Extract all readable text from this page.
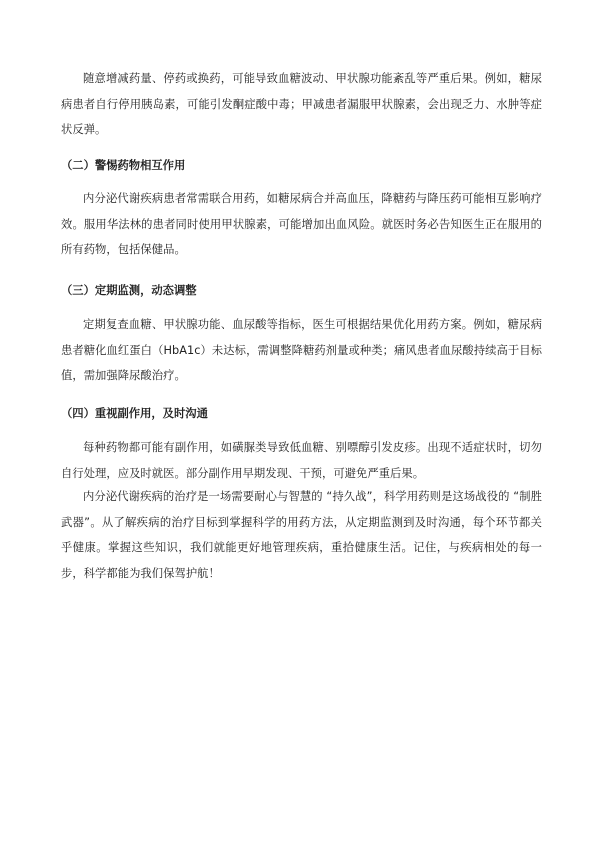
随意增减药量、停药或换药，可能导致血糖波动、甲状腺功能紊乱等严重后果。例如，糖尿病患者自行停用胰岛素，可能引发酮症酸中毒；甲减患者漏服甲状腺素，会出现乏力、水肿等症状反弹。

（二）警惕药物相互作用

内分泌代谢疾病患者常需联合用药，如糖尿病合并高血压，降糖药与降压药可能相互影响疗效。服用华法林的患者同时使用甲状腺素，可能增加出血风险。就医时务必告知医生正在服用的所有药物，包括保健品。

（三）定期监测，动态调整

定期复查血糖、甲状腺功能、血尿酸等指标，医生可根据结果优化用药方案。例如，糖尿病患者糖化血红蛋白（HbA1c）未达标，需调整降糖药剂量或种类；痛风患者血尿酸持续高于目标值，需加强降尿酸治疗。

（四）重视副作用，及时沟通

每种药物都可能有副作用，如磺脲类导致低血糖、别嘌醇引发皮疹。出现不适症状时，切勿自行处理，应及时就医。部分副作用早期发现、干预，可避免严重后果。

内分泌代谢疾病的治疗是一场需要耐心与智慧的 “持久战”，科学用药则是这场战役的 “制胜武器”。从了解疾病的治疗目标到掌握科学的用药方法，从定期监测到及时沟通，每个环节都关乎健康。掌握这些知识，我们就能更好地管理疾病，重拾健康生活。记住，与疾病相处的每一步，科学都能为我们保驾护航！
